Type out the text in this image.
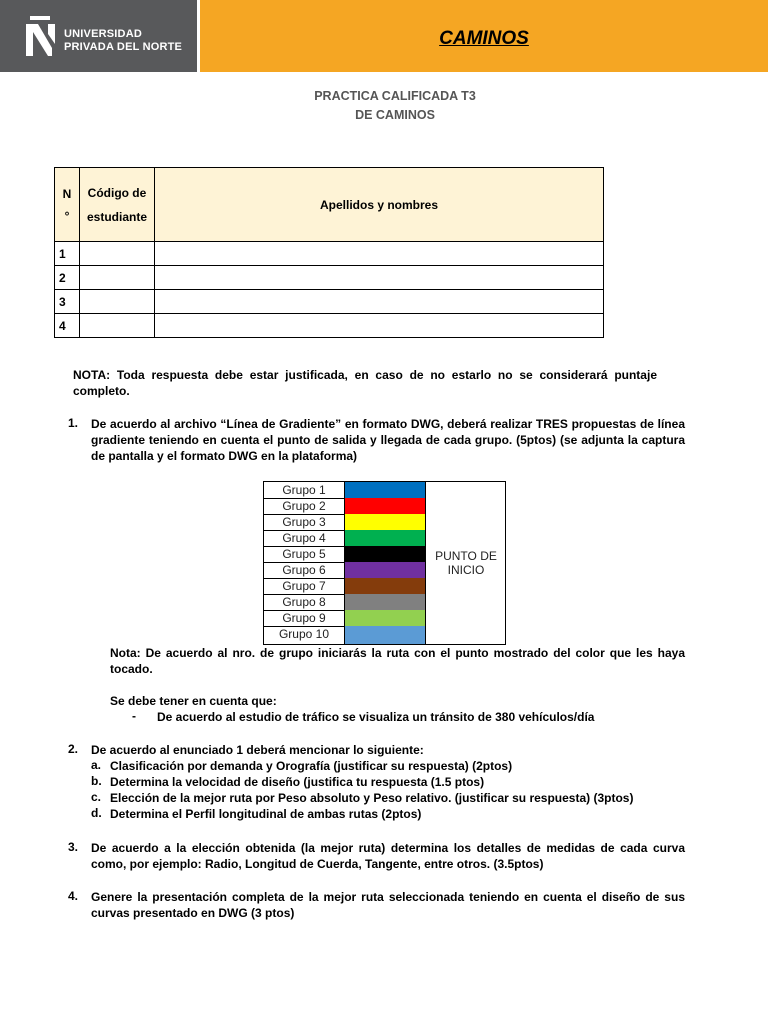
UNIVERSIDAD
PRIVADA DEL NORTE	CAMINOS
PRACTICA CALIFICADA T3
DE CAMINOS
N °	Código de estudiante	Apellidos y nombres
1		
2		
3		
4		
NOTA: Toda respuesta debe estar justificada, en caso de no estarlo no se considerará puntaje completo.
1. De acuerdo al archivo “Línea de Gradiente” en formato DWG, deberá realizar TRES propuestas de línea gradiente teniendo en cuenta el punto de salida y llegada de cada grupo. (5ptos) (se adjunta la captura de pantalla y el formato DWG en la plataforma)
Grupo 1
Grupo 2
Grupo 3
Grupo 4
Grupo 5
Grupo 6
Grupo 7
Grupo 8
Grupo 9
Grupo 10
PUNTO DE INICIO
Nota: De acuerdo al nro. de grupo iniciarás la ruta con el punto mostrado del color que les haya tocado.
Se debe tener en cuenta que:
- De acuerdo al estudio de tráfico se visualiza un tránsito de 380 vehículos/día
2. De acuerdo al enunciado 1 deberá mencionar lo siguiente:
a. Clasificación por demanda y Orografía (justificar su respuesta) (2ptos)
b. Determina la velocidad de diseño (justifica tu respuesta (1.5 ptos)
c. Elección de la mejor ruta por Peso absoluto y Peso relativo. (justificar su respuesta) (3ptos)
d. Determina el Perfil longitudinal de ambas rutas (2ptos)
3. De acuerdo a la elección obtenida (la mejor ruta) determina los detalles de medidas de cada curva como, por ejemplo: Radio, Longitud de Cuerda, Tangente, entre otros. (3.5ptos)
4. Genere la presentación completa de la mejor ruta seleccionada teniendo en cuenta el diseño de sus curvas presentado en DWG (3 ptos)
